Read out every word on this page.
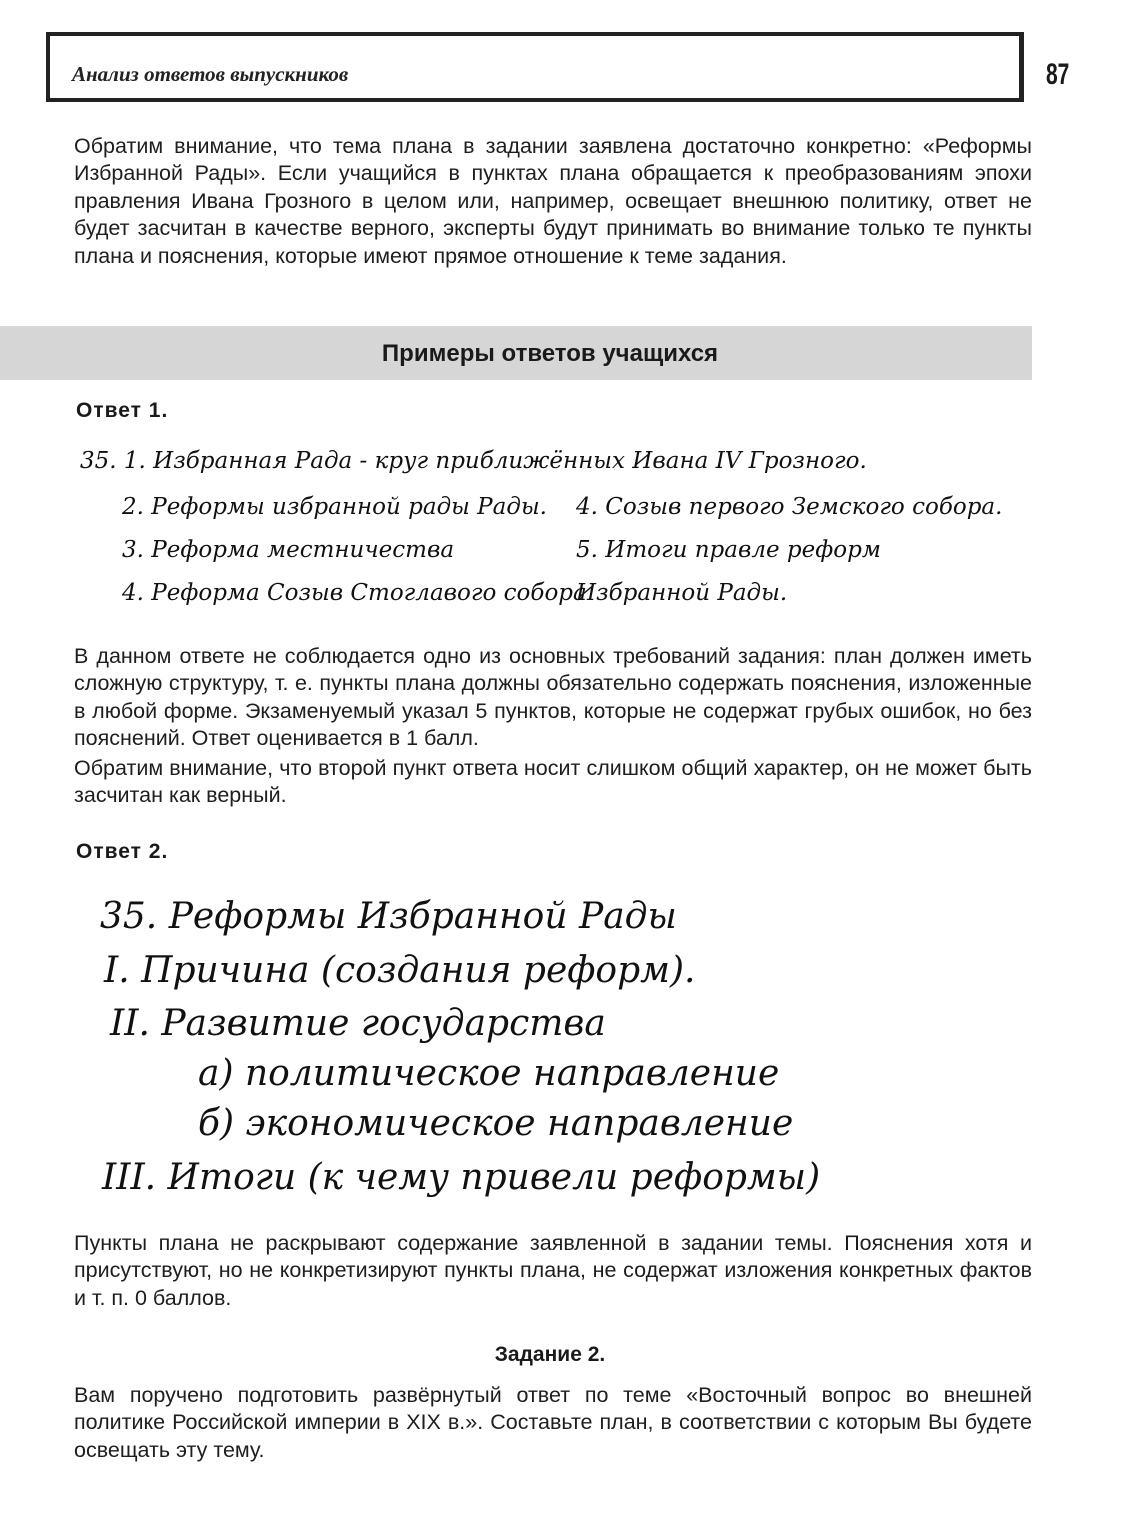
Анализ ответов выпускников	87

Обратим внимание, что тема плана в задании заявлена достаточно конкретно: «Реформы Избранной Рады». Если учащийся в пунктах плана обращается к преобразованиям эпохи правления Ивана Грозного в целом или, например, освещает внешнюю политику, ответ не будет засчитан в качестве верного, эксперты будут принимать во внимание только те пункты плана и пояснения, которые имеют прямое отношение к теме задания.

Примеры ответов учащихся
Ответ 1.
35. 1. Избранная Рада - круг приближённых Ивана IV Грозного.
2. Реформы избранной рады Рады. 4. Созыв первого Земского собора.
3. Реформа местничества	5. Итоги правле реформ
4. Реформа Созыв Стоглавого собора
Избранной Рады.

В данном ответе не соблюдается одно из основных требований задания: план должен иметь сложную структуру, т. е. пункты плана должны обязательно содержать пояснения, изложенные в любой форме. Экзаменуемый указал 5 пунктов, которые не содержат грубых ошибок, но без пояснений. Ответ оценивается в 1 балл.

Обратим внимание, что второй пункт ответа носит слишком общий характер, он не может быть засчитан как верный.

Ответ 2.
35. Реформы Избранной Рады
I. Причина (создания реформ).
II. Развитие государства
а) политическое направление
б) экономическое направление
III. Итоги (к чему привели реформы)

Пункты плана не раскрывают содержание заявленной в задании темы. Пояснения хотя и присутствуют, но не конкретизируют пункты плана, не содержат изложения конкретных фактов и т. п. 0 баллов.

Задание 2.

Вам поручено подготовить развёрнутый ответ по теме «Восточный вопрос во внешней политике Российской империи в XIX в.». Составьте план, в соответствии с которым Вы будете освещать эту тему.
